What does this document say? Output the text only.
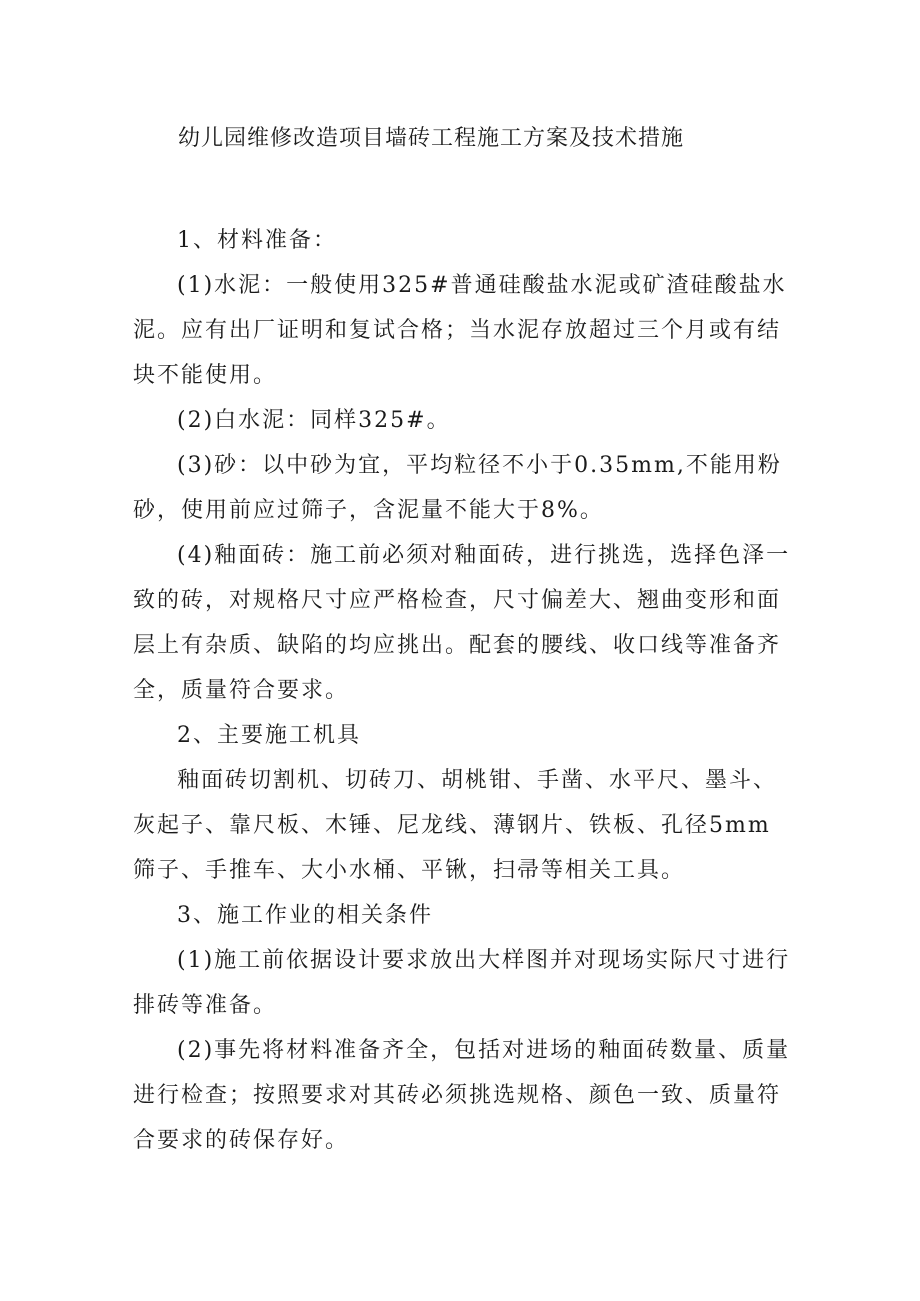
幼儿园维修改造项目墙砖工程施工方案及技术措施

1、材料准备：

(1)水泥：一般使用325#普通硅酸盐水泥或矿渣硅酸盐水泥。应有出厂证明和复试合格；当水泥存放超过三个月或有结块不能使用。

(2)白水泥：同样325#。

(3)砂：以中砂为宜，平均粒径不小于0.35mm,不能用粉砂，使用前应过筛子，含泥量不能大于8%。

(4)釉面砖：施工前必须对釉面砖，进行挑选，选择色泽一致的砖，对规格尺寸应严格检查，尺寸偏差大、翘曲变形和面层上有杂质、缺陷的均应挑出。配套的腰线、收口线等准备齐全，质量符合要求。

2、主要施工机具

釉面砖切割机、切砖刀、胡桃钳、手凿、水平尺、墨斗、灰起子、靠尺板、木锤、尼龙线、薄钢片、铁板、孔径5mm筛子、手推车、大小水桶、平锹，扫帚等相关工具。

3、施工作业的相关条件

(1)施工前依据设计要求放出大样图并对现场实际尺寸进行排砖等准备。

(2)事先将材料准备齐全，包括对进场的釉面砖数量、质量进行检查；按照要求对其砖必须挑选规格、颜色一致、质量符合要求的砖保存好。
